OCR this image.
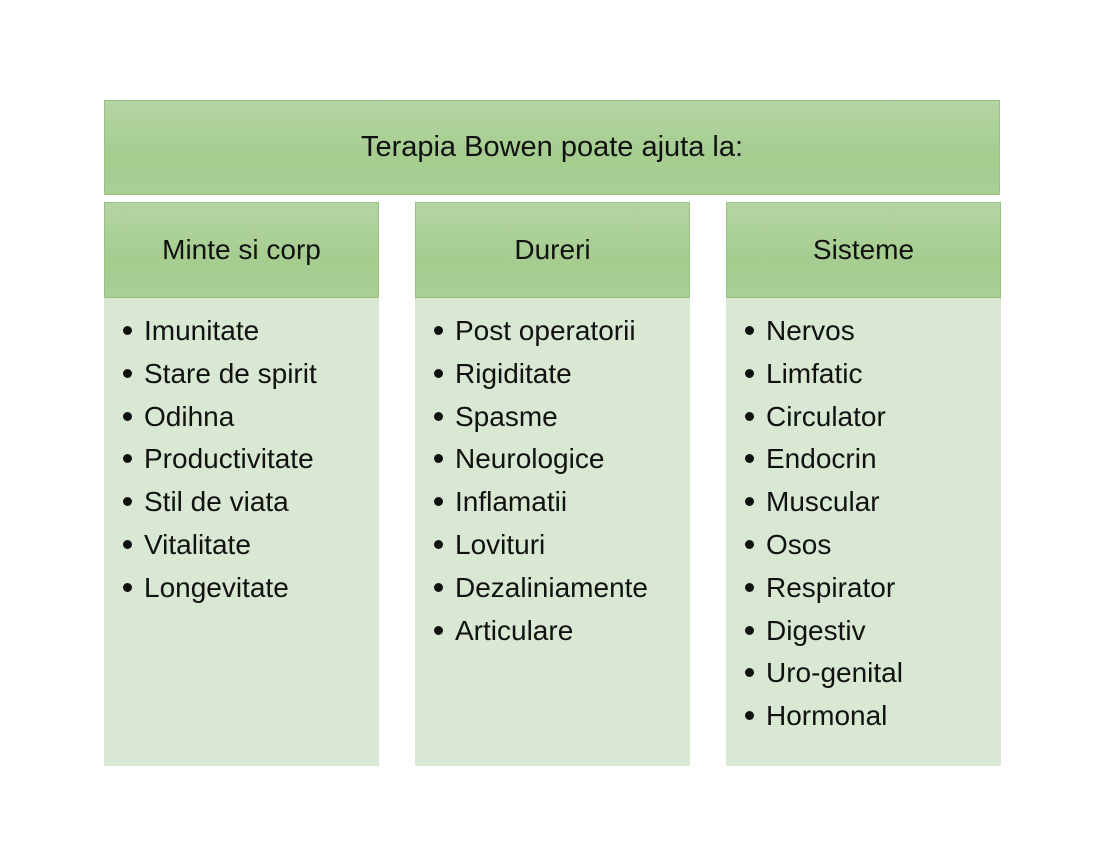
Terapia Bowen poate ajuta la:
Minte si corp
Imunitate
Stare de spirit
Odihna
Productivitate
Stil de viata
Vitalitate
Longevitate
Dureri
Post operatorii
Rigiditate
Spasme
Neurologice
Inflamatii
Lovituri
Dezaliniamente
Articulare
Sisteme
Nervos
Limfatic
Circulator
Endocrin
Muscular
Osos
Respirator
Digestiv
Uro-genital
Hormonal
